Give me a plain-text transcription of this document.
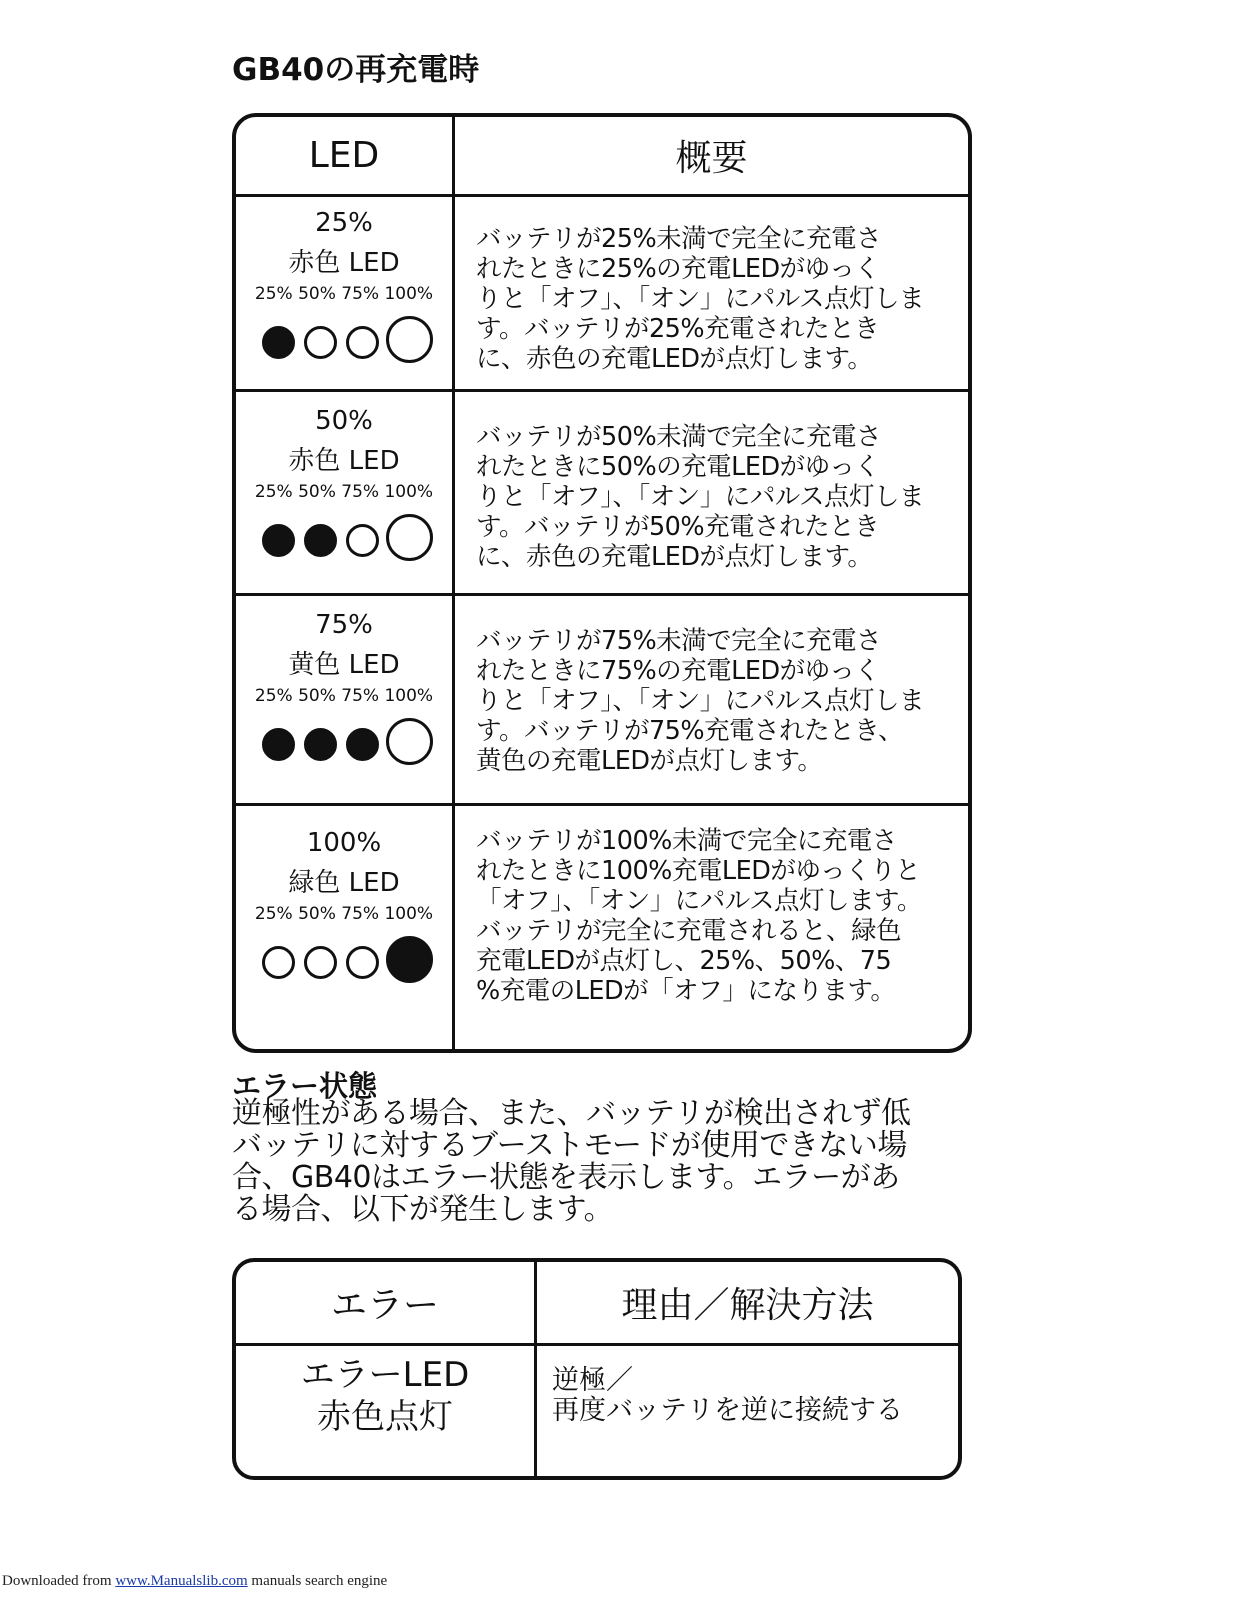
GB40の再充電時
LED	概要
25%
赤色 LED
25% 50% 75% 100%
バッテリが25%未満で完全に充電さ
れたときに25%の充電LEDがゆっく
りと「オフ」、「オン」にパルス点灯しま
す。バッテリが25%充電されたとき
に、赤色の充電LEDが点灯します。
50%
赤色 LED
25% 50% 75% 100%
バッテリが50%未満で完全に充電さ
れたときに50%の充電LEDがゆっく
りと「オフ」、「オン」にパルス点灯しま
す。バッテリが50%充電されたとき
に、赤色の充電LEDが点灯します。
75%
黄色 LED
25% 50% 75% 100%
バッテリが75%未満で完全に充電さ
れたときに75%の充電LEDがゆっく
りと「オフ」、「オン」にパルス点灯しま
す。バッテリが75%充電されたとき、
黄色の充電LEDが点灯します。
100%
緑色 LED
25% 50% 75% 100%
バッテリが100%未満で完全に充電さ
れたときに100%充電LEDがゆっくりと
「オフ」、「オン」にパルス点灯します。
バッテリが完全に充電されると、緑色
充電LEDが点灯し、25%、50%、75
%充電のLEDが「オフ」になります。
エラー状態
逆極性がある場合、また、バッテリが検出されず低
バッテリに対するブーストモードが使用できない場
合、GB40はエラー状態を表示します。エラーがあ
る場合、以下が発生します。
エラー	理由／解決方法
エラーLED
赤色点灯
逆極／
再度バッテリを逆に接続する
Downloaded from www.Manualslib.com manuals search engine
